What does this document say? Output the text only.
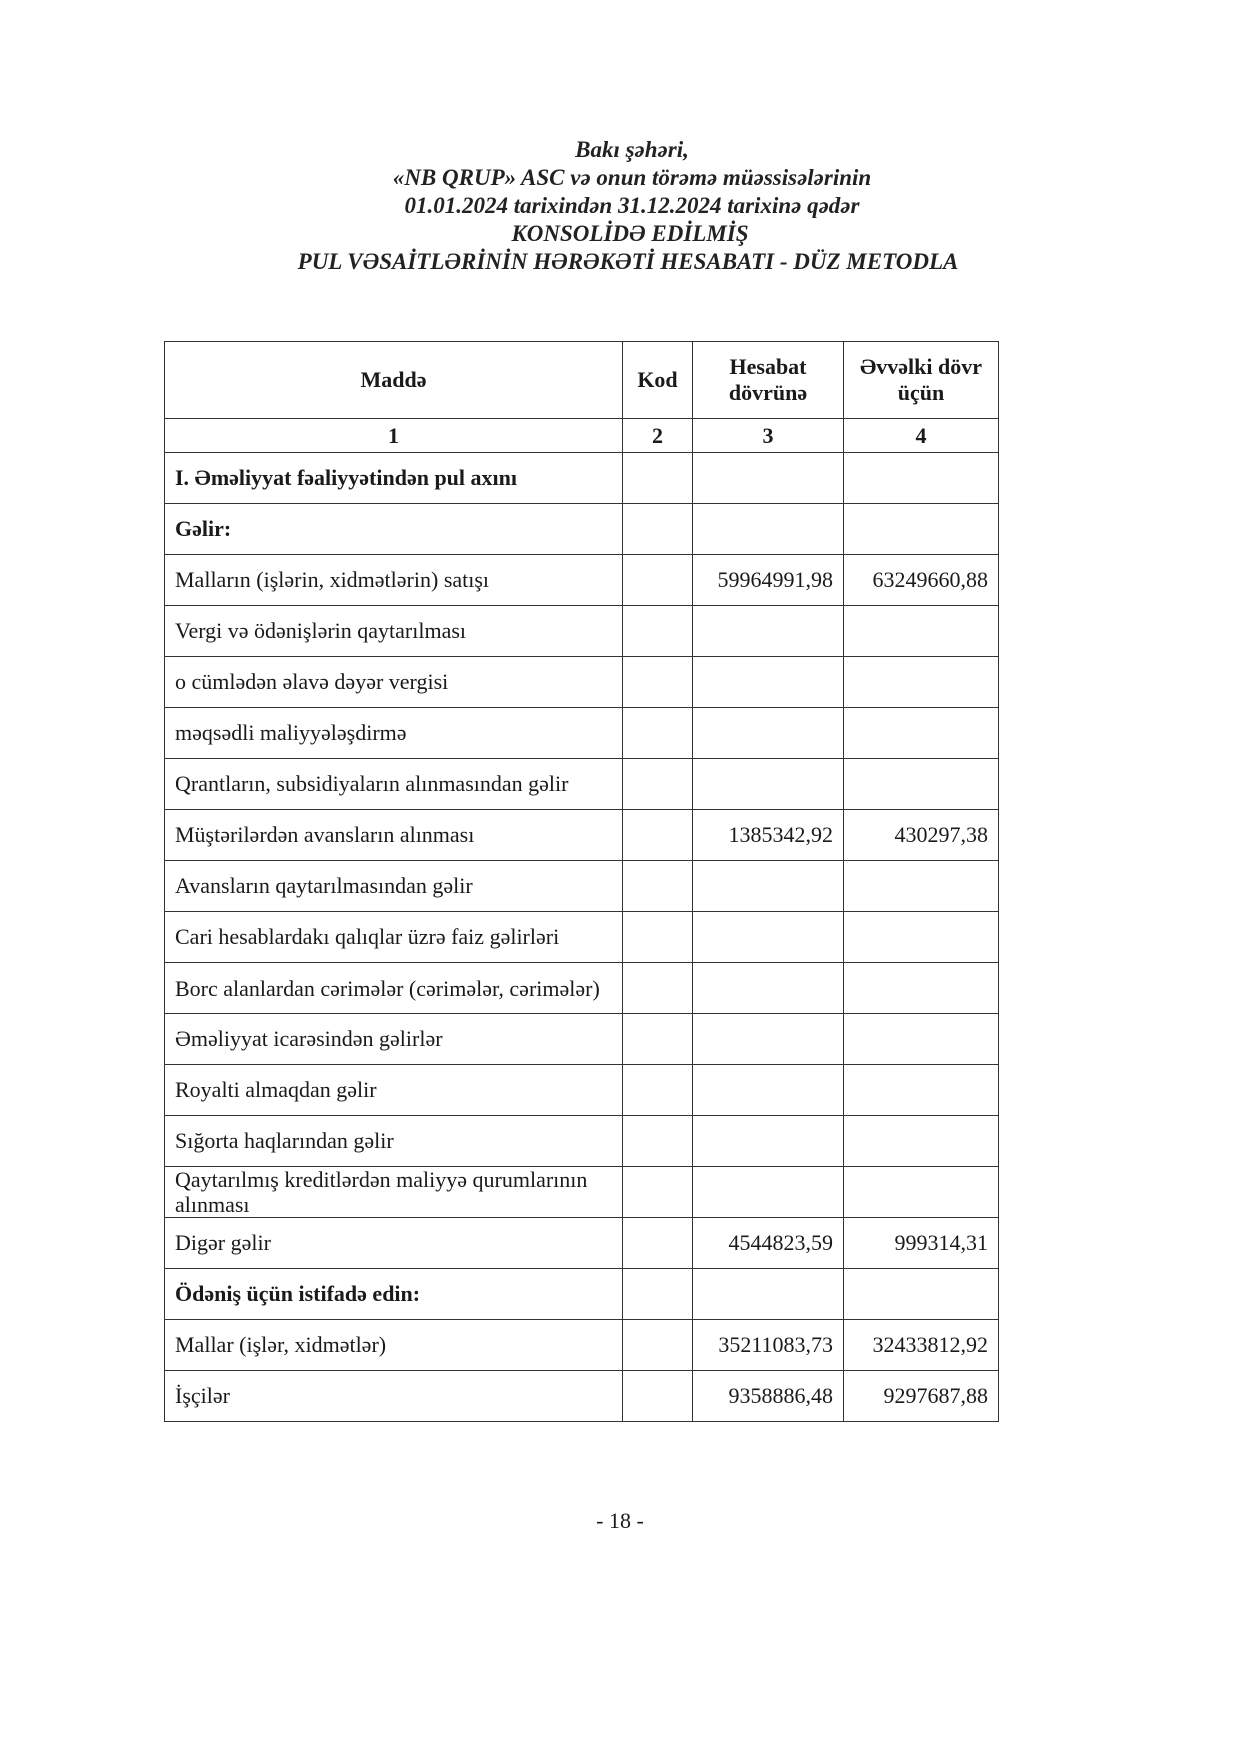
Bakı şəhəri,
«NB QRUP» ASC və onun törəmə müəssisələrinin
01.01.2024 tarixindən 31.12.2024 tarixinə qədər
KONSOLİDƏ EDİLMİŞ
PUL VƏSAİTLƏRİNİN HƏRƏKƏTİ HESABATI - DÜZ METODLA
Maddə	Kod	Hesabat dövrünə	Əvvəlki dövr üçün
1	2	3	4
I. Əməliyyat fəaliyyətindən pul axını			
Gəlir:			
Malların (işlərin, xidmətlərin) satışı		59964991,98	63249660,88
Vergi və ödənişlərin qaytarılması			
o cümlədən əlavə dəyər vergisi			
məqsədli maliyyələşdirmə			
Qrantların, subsidiyaların alınmasından gəlir			
Müştərilərdən avansların alınması		1385342,92	430297,38
Avansların qaytarılmasından gəlir			
Cari hesablardakı qalıqlar üzrə faiz gəlirləri			
Borc alanlardan cərimələr (cərimələr, cərimələr)			
Əməliyyat icarəsindən gəlirlər			
Royalti almaqdan gəlir			
Sığorta haqlarından gəlir			
Qaytarılmış kreditlərdən maliyyə qurumlarının alınması			
Digər gəlir		4544823,59	999314,31
Ödəniş üçün istifadə edin:			
Mallar (işlər, xidmətlər)		35211083,73	32433812,92
İşçilər		9358886,48	9297687,88
- 18 -
